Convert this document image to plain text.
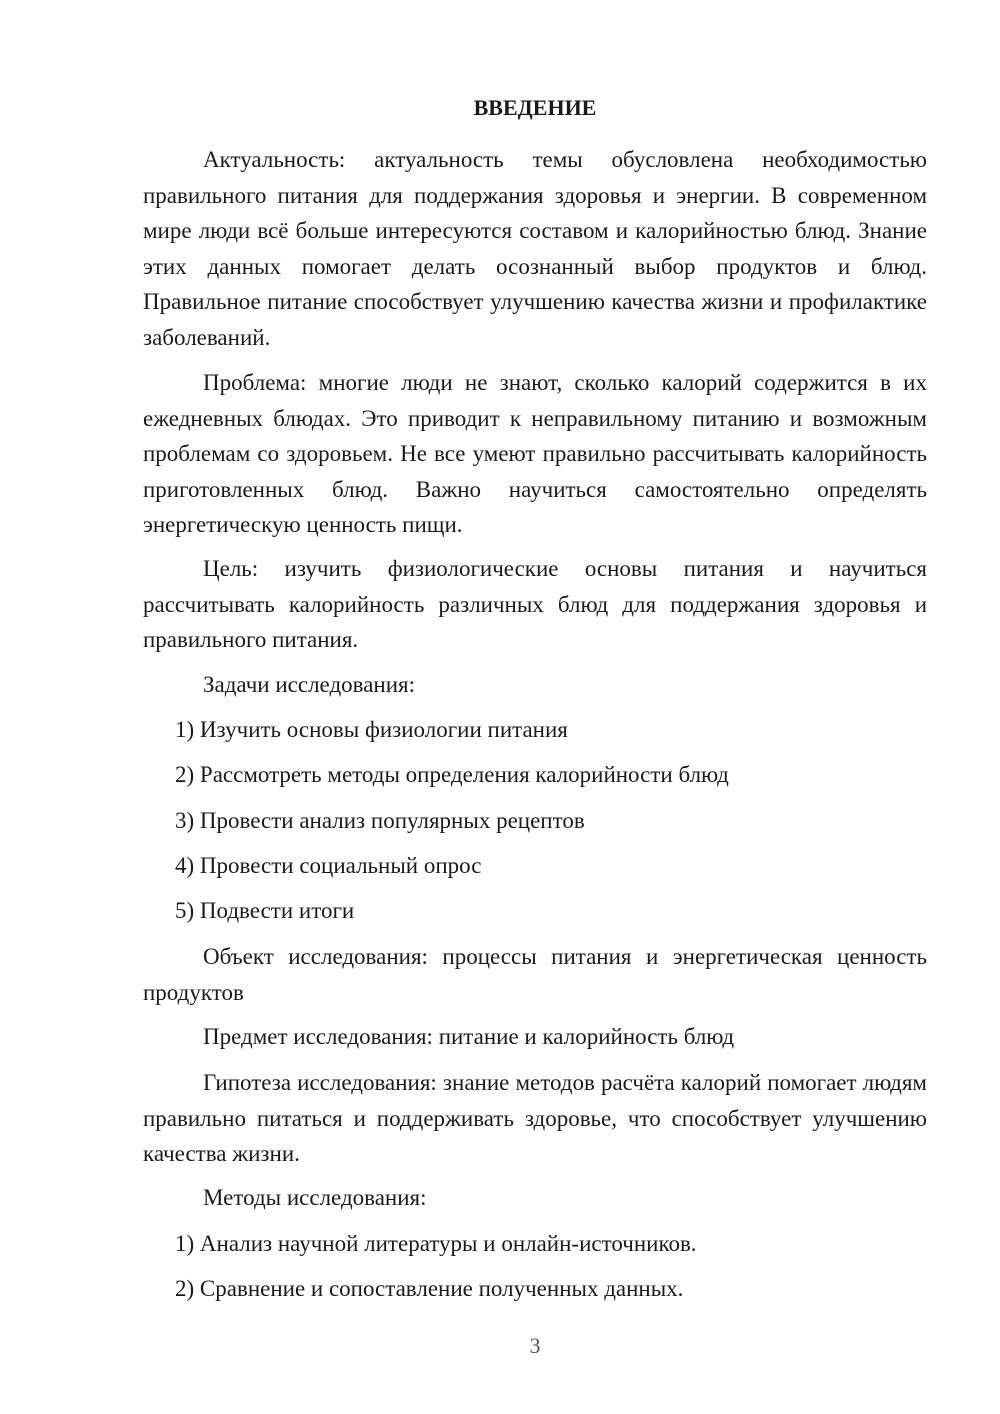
ВВЕДЕНИЕ

Актуальность: актуальность темы обусловлена необходимостью правильного питания для поддержания здоровья и энергии. В современном мире люди всё больше интересуются составом и калорийностью блюд. Знание этих данных помогает делать осознанный выбор продуктов и блюд. Правильное питание способствует улучшению качества жизни и профилактике заболеваний.

Проблема: многие люди не знают, сколько калорий содержится в их ежедневных блюдах. Это приводит к неправильному питанию и возможным проблемам со здоровьем. Не все умеют правильно рассчитывать калорийность приготовленных блюд. Важно научиться самостоятельно определять энергетическую ценность пищи.

Цель: изучить физиологические основы питания и научиться рассчитывать калорийность различных блюд для поддержания здоровья и правильного питания.

Задачи исследования:

1) Изучить основы физиологии питания

2) Рассмотреть методы определения калорийности блюд

3) Провести анализ популярных рецептов

4) Провести социальный опрос

5) Подвести итоги

Объект исследования: процессы питания и энергетическая ценность продуктов

Предмет исследования: питание и калорийность блюд

Гипотеза исследования: знание методов расчёта калорий помогает людям правильно питаться и поддерживать здоровье, что способствует улучшению качества жизни.

Методы исследования:

1) Анализ научной литературы и онлайн-источников.

2) Сравнение и сопоставление полученных данных.

3
